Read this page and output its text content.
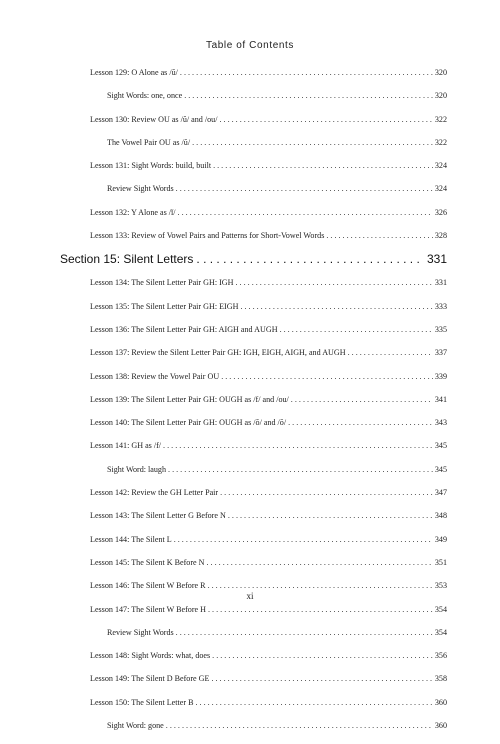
Table of Contents
Lesson 129: O Alone as /ŭ/ . . .	320
Sight Words: one, once . . .	320
Lesson 130: Review OU as /ŭ/ and /ou/ . . .	322
The Vowel Pair OU as /ŭ/ . . .	322
Lesson 131: Sight Words: build, built . . .	324
Review Sight Words . . .	324
Lesson 132: Y Alone as /ĭ/ . . .	326
Lesson 133: Review of Vowel Pairs and Patterns for Short-Vowel Words . . .	328
Section 15: Silent Letters . . .	331
Lesson 134: The Silent Letter Pair GH: IGH . . .	331
Lesson 135: The Silent Letter Pair GH: EIGH . . .	333
Lesson 136: The Silent Letter Pair GH: AIGH and AUGH . . .	335
Lesson 137: Review the Silent Letter Pair GH: IGH, EIGH, AIGH, and AUGH . . .	337
Lesson 138: Review the Vowel Pair OU . . .	339
Lesson 139: The Silent Letter Pair GH: OUGH as /f/ and /ou/ . . .	341
Lesson 140: The Silent Letter Pair GH: OUGH as /ŏ/ and /ō/ . . .	343
Lesson 141: GH as /f/ . . .	345
Sight Word: laugh . . .	345
Lesson 142: Review the GH Letter Pair . . .	347
Lesson 143: The Silent Letter G Before N . . .	348
Lesson 144: The Silent L . . .	349
Lesson 145: The Silent K Before N . . .	351
Lesson 146: The Silent W Before R . . .	353
Lesson 147: The Silent W Before H . . .	354
Review Sight Words . . .	354
Lesson 148: Sight Words: what, does . . .	356
Lesson 149: The Silent D Before GE . . .	358
Lesson 150: The Silent Letter B . . .	360
Sight Word: gone . . .	360
xi
